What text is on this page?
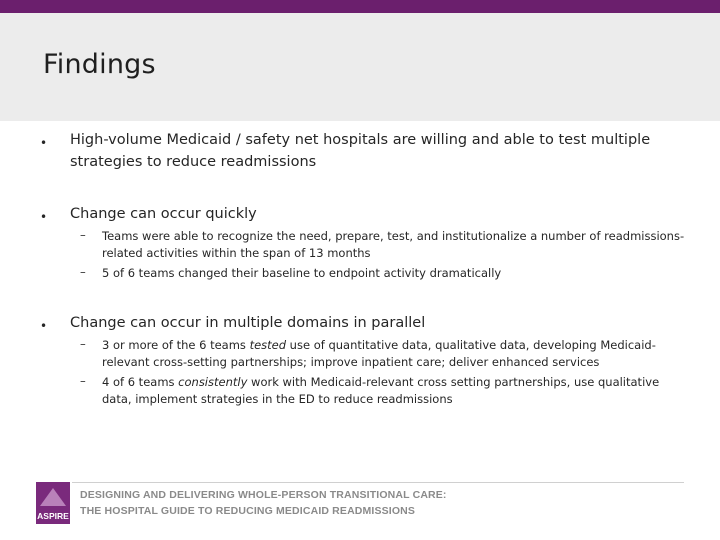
Findings
• High-volume Medicaid / safety net hospitals are willing and able to test multiple strategies to reduce readmissions
• Change can occur quickly
– Teams were able to recognize the need, prepare, test, and institutionalize a number of readmissions-related activities within the span of 13 months
– 5 of 6 teams changed their baseline to endpoint activity dramatically
• Change can occur in multiple domains in parallel
– 3 or more of the 6 teams tested use of quantitative data, qualitative data, developing Medicaid-relevant cross-setting partnerships; improve inpatient care; deliver enhanced services
– 4 of 6 teams consistently work with Medicaid-relevant cross setting partnerships, use qualitative data, implement strategies in the ED to reduce readmissions
ASPIRE
DESIGNING AND DELIVERING WHOLE-PERSON TRANSITIONAL CARE:
THE HOSPITAL GUIDE TO REDUCING MEDICAID READMISSIONS
